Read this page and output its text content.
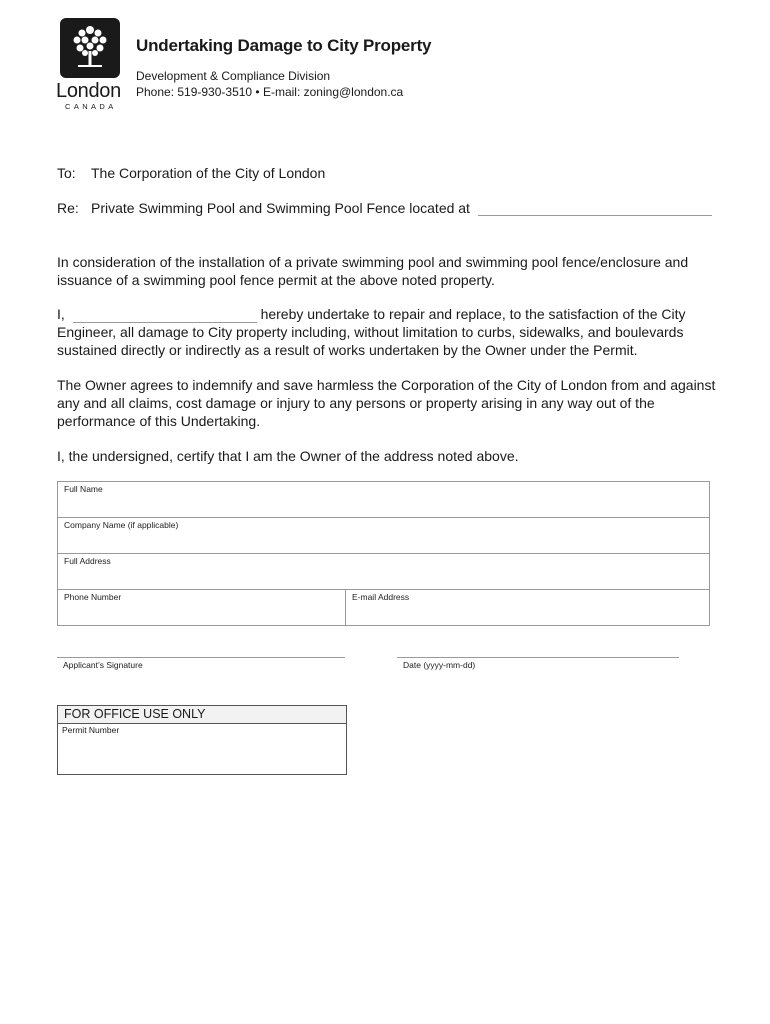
London
CANADA
Undertaking Damage to City Property
Development & Compliance Division
Phone: 519-930-3510 • E-mail: zoning@london.ca
To: The Corporation of the City of London
Re: Private Swimming Pool and Swimming Pool Fence located at

In consideration of the installation of a private swimming pool and swimming pool fence/enclosure and issuance of a swimming pool fence permit at the above noted property.

I,	hereby undertake to repair and replace, to the satisfaction of the City Engineer, all damage to City property including, without limitation to curbs, sidewalks, and boulevards sustained directly or indirectly as a result of works undertaken by the Owner under the Permit.

The Owner agrees to indemnify and save harmless the Corporation of the City of London from and against any and all claims, cost damage or injury to any persons or property arising in any way out of the performance of this Undertaking.

I, the undersigned, certify that I am the Owner of the address noted above.

Full Name
Company Name (if applicable)
Full Address
Phone Number	E-mail Address
Applicant’s Signature	Date (yyyy-mm-dd)
FOR OFFICE USE ONLY
Permit Number
